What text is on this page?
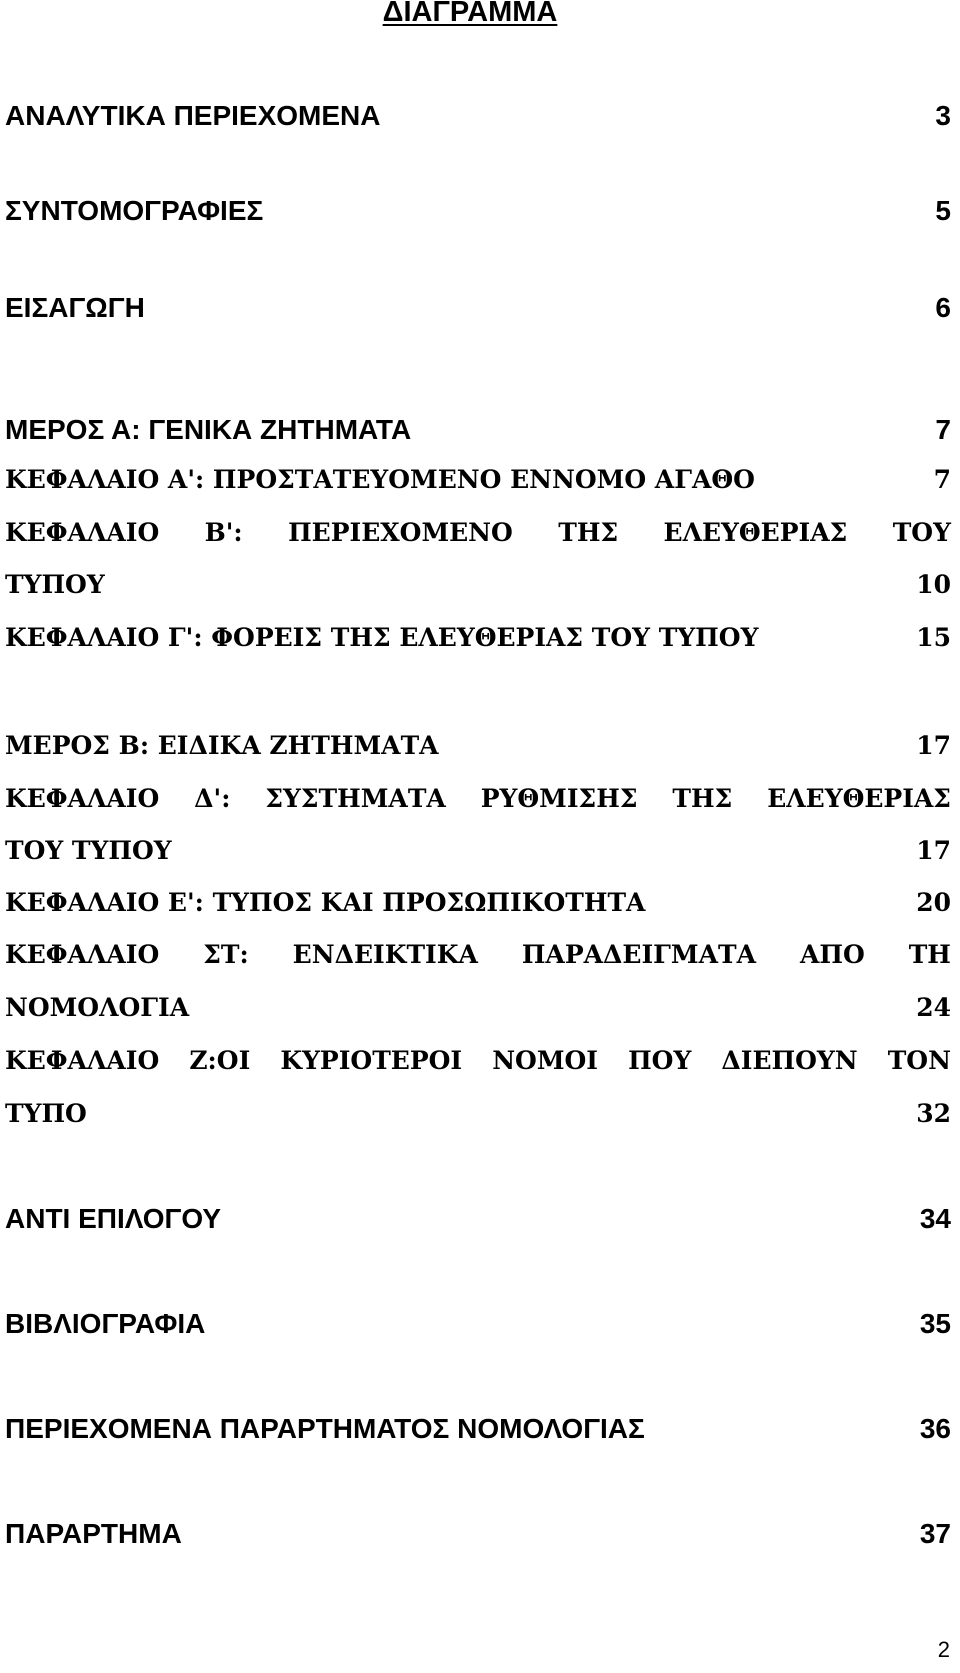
ΔΙΑΓΡΑΜΜΑ
ΑΝΑΛΥΤΙΚΑ ΠΕΡΙΕΧΟΜΕΝΑ	3
ΣΥΝΤΟΜΟΓΡΑΦΙΕΣ	5
ΕΙΣΑΓΩΓΗ	6
ΜΕΡΟΣ Α: ΓΕΝΙΚΑ ΖΗΤΗΜΑΤΑ	7
ΚΕΦΑΛΑΙΟ Α': ΠΡΟΣΤΑΤΕΥΟΜΕΝΟ ΕΝΝΟΜΟ ΑΓΑΘΟ	7
ΚΕΦΑΛΑΙΟ Β': ΠΕΡΙΕΧΟΜΕΝΟ ΤΗΣ ΕΛΕΥΘΕΡΙΑΣ ΤΟΥ
ΤΥΠΟΥ	10
ΚΕΦΑΛΑΙΟ Γ': ΦΟΡΕΙΣ ΤΗΣ ΕΛΕΥΘΕΡΙΑΣ ΤΟΥ ΤΥΠΟΥ	15
ΜΕΡΟΣ Β: ΕΙΔΙΚΑ ΖΗΤΗΜΑΤΑ	17
ΚΕΦΑΛΑΙΟ Δ': ΣΥΣΤΗΜΑΤΑ ΡΥΘΜΙΣΗΣ ΤΗΣ ΕΛΕΥΘΕΡΙΑΣ
ΤΟΥ ΤΥΠΟΥ	17
ΚΕΦΑΛΑΙΟ Ε': ΤΥΠΟΣ ΚΑΙ ΠΡΟΣΩΠΙΚΟΤΗΤΑ	20
ΚΕΦΑΛΑΙΟ ΣΤ: ΕΝΔΕΙΚΤΙΚΑ ΠΑΡΑΔΕΙΓΜΑΤΑ ΑΠΟ ΤΗ
ΝΟΜΟΛΟΓΙΑ	24
ΚΕΦΑΛΑΙΟ Ζ:ΟΙ ΚΥΡΙΟΤΕΡΟΙ ΝΟΜΟΙ ΠΟΥ ΔΙΕΠΟΥΝ ΤΟΝ
ΤΥΠΟ	32
ΑΝΤΙ ΕΠΙΛΟΓΟΥ	34
ΒΙΒΛΙΟΓΡΑΦΙΑ	35
ΠΕΡΙΕΧΟΜΕΝΑ ΠΑΡΑΡΤΗΜΑΤΟΣ ΝΟΜΟΛΟΓΙΑΣ	36
ΠΑΡΑΡΤΗΜΑ	37
2
